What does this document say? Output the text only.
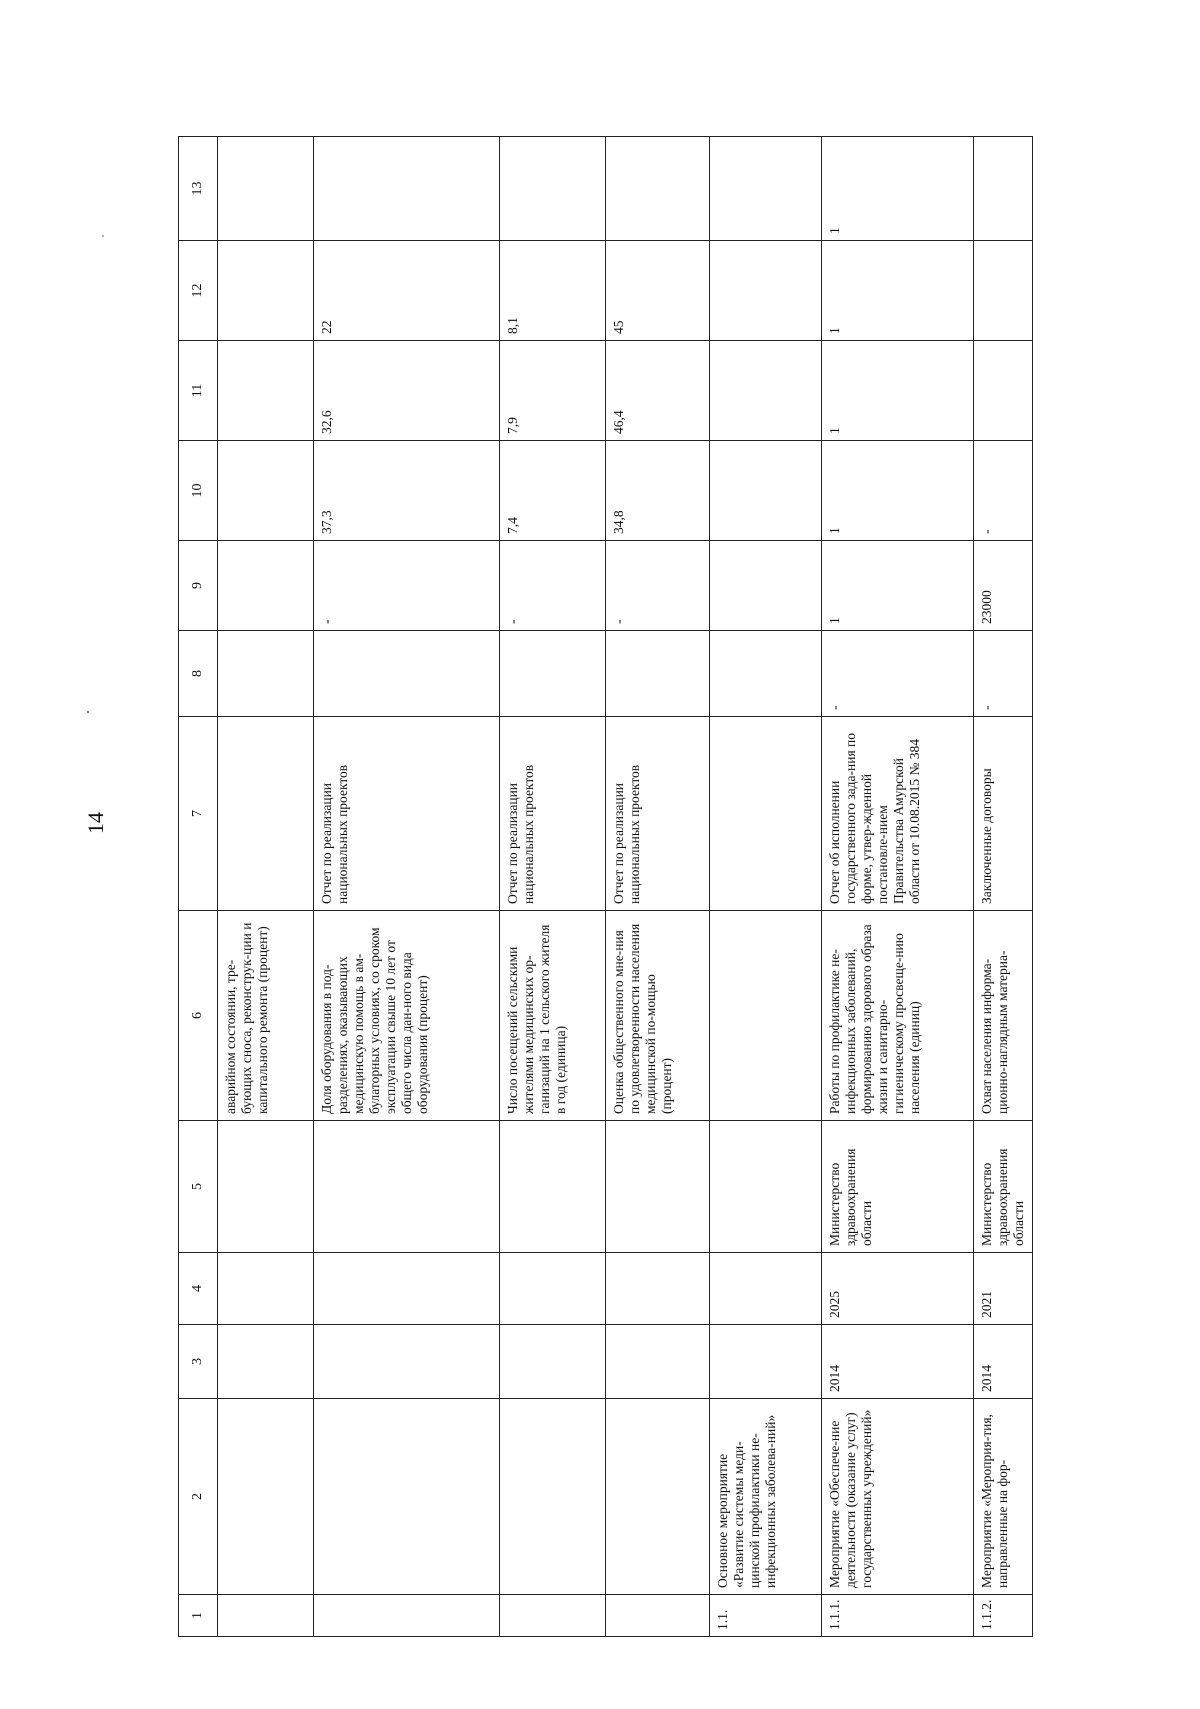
14
1	2	3	4	5	6	7	8	9	10	11	12	13
					аварийном состоянии, тре-бующих сноса, реконструк-ции и капитального ремонта (процент)							
					Доля оборудования в под-разделениях, оказывающих медицинскую помощь в ам-булаторных условиях, со сроком эксплуатации свыше 10 лет от общего числа дан-ного вида оборудования (процент)	Отчет по реализации национальных проектов		-	37,3	32,6	22	
					Число посещений сельскими жителями медицинских ор-ганизаций на 1 сельского жителя в год (единица)	Отчет по реализации национальных проектов		-	7,4	7,9	8,1	
					Оценка общественного мне-ния по удовлетворенности населения медицинской по-мощью (процент)	Отчет по реализации национальных проектов		-	34,8	46,4	45	
1.1.	Основное мероприятие «Развитие системы меди-цинской профилактики не-инфекционных заболева-ний»											
1.1.1.	Мероприятие «Обеспече-ние деятельности (оказание услуг) государственных учреждений»	2014	2025	Министерство здравоохранения области	Работы по профилактике не-инфекционных заболеваний, формированию здорового образа жизни и санитарно-гигиеническому просвеще-нию населения (единиц)	Отчет об исполнении государственного зада-ния по форме, утвер-жденной постановле-нием Правительства Амурской области от 10.08.2015 № 384	-	1	1	1	1	1
1.1.2.	Мероприятие «Мероприя-тия, направленные на фор-	2014	2021	Министерство здравоохранения области	Охват населения информа-ционно-наглядным материа-	Заключенные договоры	-	23000	-			
